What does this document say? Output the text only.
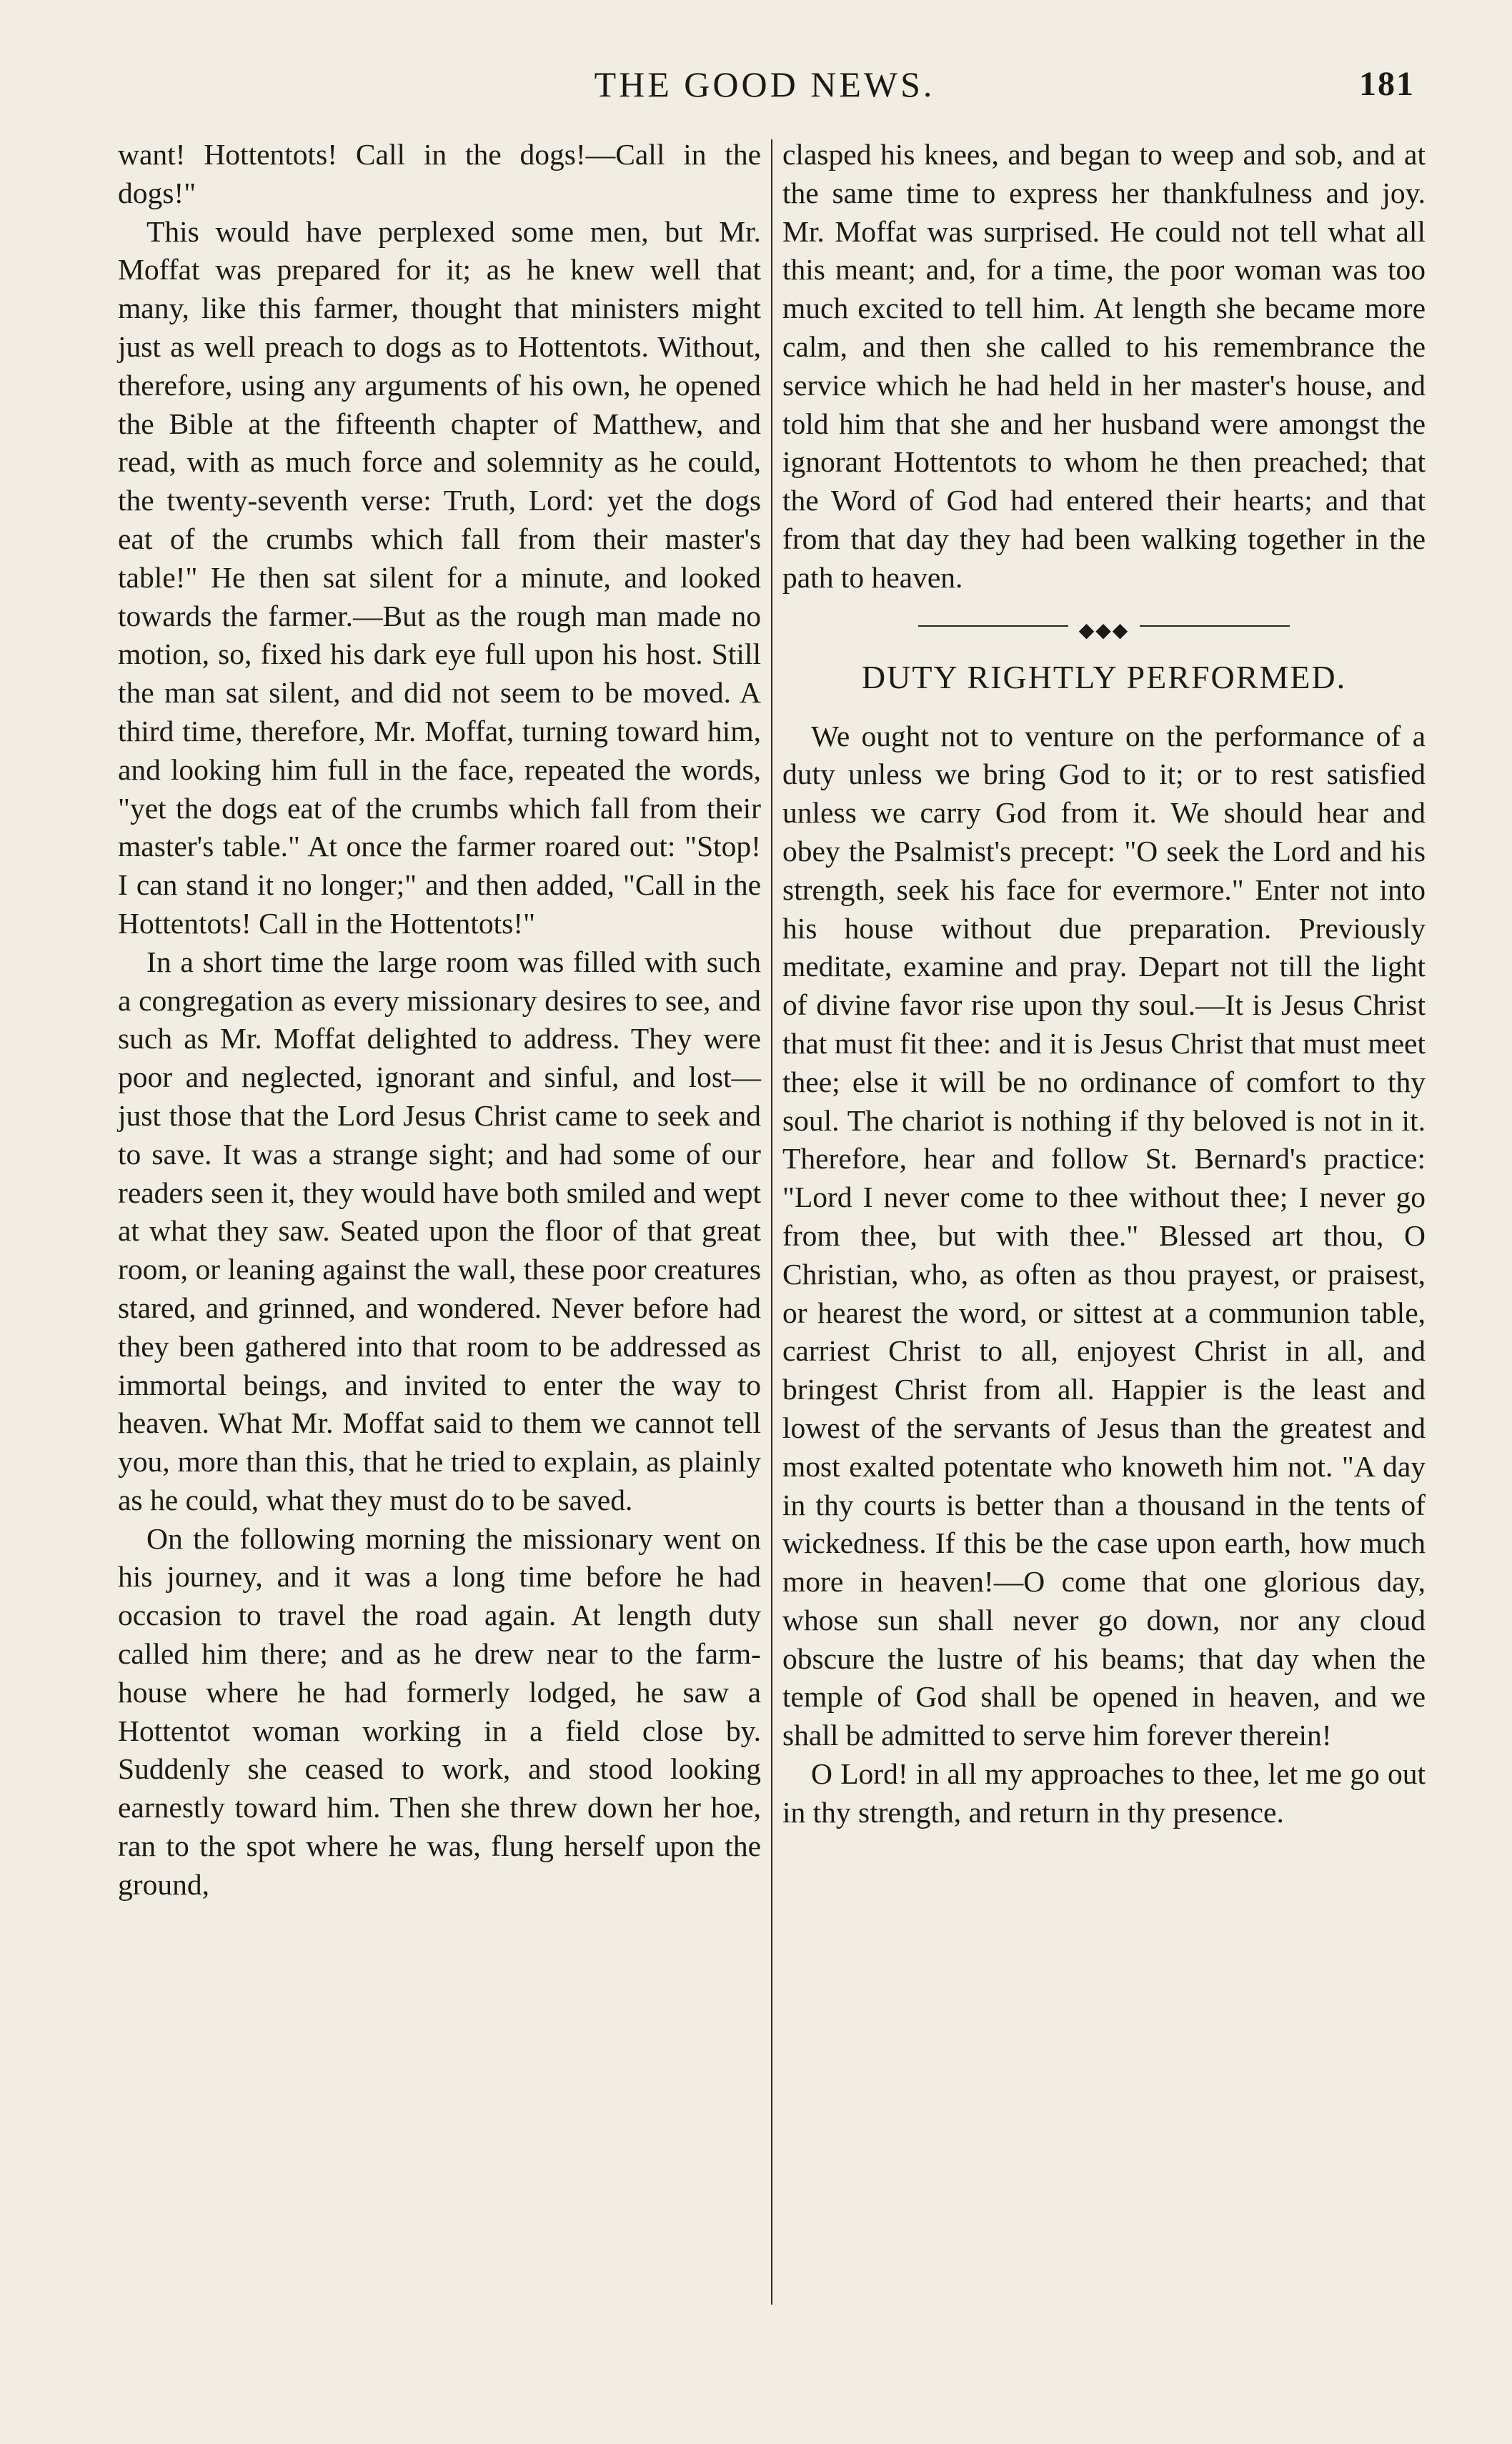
THE GOOD NEWS.	181

want! Hottentots! Call in the dogs!—Call in the dogs!"

This would have perplexed some men, but Mr. Moffat was prepared for it; as he knew well that many, like this farmer, thought that ministers might just as well preach to dogs as to Hottentots. Without, therefore, using any arguments of his own, he opened the Bible at the fifteenth chapter of Matthew, and read, with as much force and solemnity as he could, the twenty-seventh verse: Truth, Lord: yet the dogs eat of the crumbs which fall from their master's table!" He then sat silent for a minute, and looked towards the farmer.—But as the rough man made no motion, so, fixed his dark eye full upon his host. Still the man sat silent, and did not seem to be moved. A third time, therefore, Mr. Moffat, turning toward him, and looking him full in the face, repeated the words, "yet the dogs eat of the crumbs which fall from their master's table." At once the farmer roared out: "Stop! I can stand it no longer;" and then added, "Call in the Hottentots! Call in the Hottentots!"

In a short time the large room was filled with such a congregation as every missionary desires to see, and such as Mr. Moffat delighted to address. They were poor and neglected, ignorant and sinful, and lost—just those that the Lord Jesus Christ came to seek and to save. It was a strange sight; and had some of our readers seen it, they would have both smiled and wept at what they saw. Seated upon the floor of that great room, or leaning against the wall, these poor creatures stared, and grinned, and wondered. Never before had they been gathered into that room to be addressed as immortal beings, and invited to enter the way to heaven. What Mr. Moffat said to them we cannot tell you, more than this, that he tried to explain, as plainly as he could, what they must do to be saved.

On the following morning the missionary went on his journey, and it was a long time before he had occasion to travel the road again. At length duty called him there; and as he drew near to the farm-house where he had formerly lodged, he saw a Hottentot woman working in a field close by. Suddenly she ceased to work, and stood looking earnestly toward him. Then she threw down her hoe, ran to the spot where he was, flung herself upon the ground,

clasped his knees, and began to weep and sob, and at the same time to express her thankfulness and joy. Mr. Moffat was surprised. He could not tell what all this meant; and, for a time, the poor woman was too much excited to tell him. At length she became more calm, and then she called to his remembrance the service which he had held in her master's house, and told him that she and her husband were amongst the ignorant Hottentots to whom he then preached; that the Word of God had entered their hearts; and that from that day they had been walking together in the path to heaven.

◆◆◆
DUTY RIGHTLY PERFORMED.

We ought not to venture on the performance of a duty unless we bring God to it; or to rest satisfied unless we carry God from it. We should hear and obey the Psalmist's precept: "O seek the Lord and his strength, seek his face for evermore." Enter not into his house without due preparation. Previously meditate, examine and pray. Depart not till the light of divine favor rise upon thy soul.—It is Jesus Christ that must fit thee: and it is Jesus Christ that must meet thee; else it will be no ordinance of comfort to thy soul. The chariot is nothing if thy beloved is not in it. Therefore, hear and follow St. Bernard's practice: "Lord I never come to thee without thee; I never go from thee, but with thee." Blessed art thou, O Christian, who, as often as thou prayest, or praisest, or hearest the word, or sittest at a communion table, carriest Christ to all, enjoyest Christ in all, and bringest Christ from all. Happier is the least and lowest of the servants of Jesus than the greatest and most exalted potentate who knoweth him not. "A day in thy courts is better than a thousand in the tents of wickedness. If this be the case upon earth, how much more in heaven!—O come that one glorious day, whose sun shall never go down, nor any cloud obscure the lustre of his beams; that day when the temple of God shall be opened in heaven, and we shall be admitted to serve him forever therein!

O Lord! in all my approaches to thee, let me go out in thy strength, and return in thy presence.
